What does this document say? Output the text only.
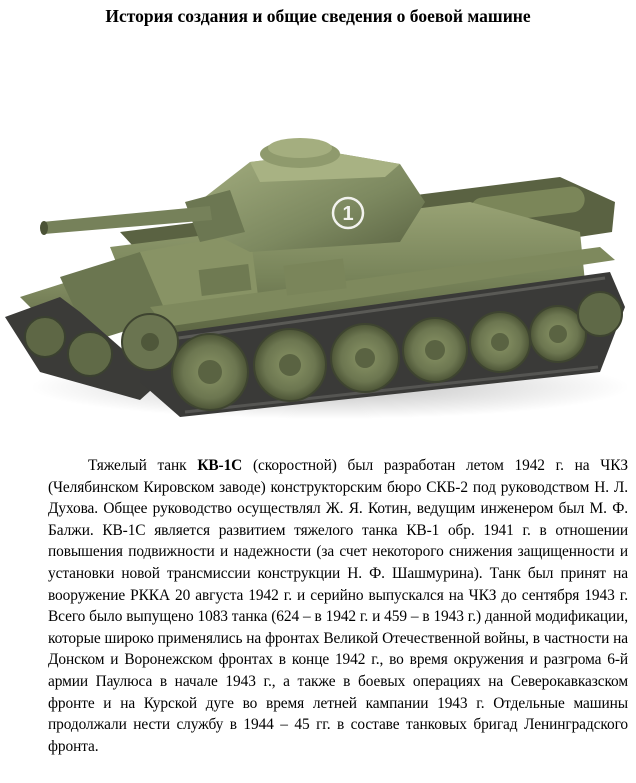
История создания и общие сведения о боевой машине
1

Тяжелый танк КВ-1С (скоростной) был разработан летом 1942 г. на ЧКЗ (Челябинском Кировском заводе) конструкторским бюро СКБ-2 под руководством Н. Л. Духова. Общее руководство осуществлял Ж. Я. Котин, ведущим инженером был М. Ф. Балжи. КВ-1С является развитием тяжелого танка КВ-1 обр. 1941 г. в отношении повышения подвижности и надежности (за счет некоторого снижения защищенности и установки новой трансмиссии конструкции Н. Ф. Шашмурина). Танк был принят на вооружение РККА 20 августа 1942 г. и серийно выпускался на ЧКЗ до сентября 1943 г. Всего было выпущено 1083 танка (624 – в 1942 г. и 459 – в 1943 г.) данной модификации, которые широко применялись на фронтах Великой Отечественной войны, в частности на Донском и Воронежском фронтах в конце 1942 г., во время окружения и разгрома 6-й армии Паулюса в начале 1943 г., а также в боевых операциях на Северокавказском фронте и на Курской дуге во время летней кампании 1943 г. Отдельные машины продолжали нести службу в 1944 – 45 гг. в составе танковых бригад Ленинградского фронта.
